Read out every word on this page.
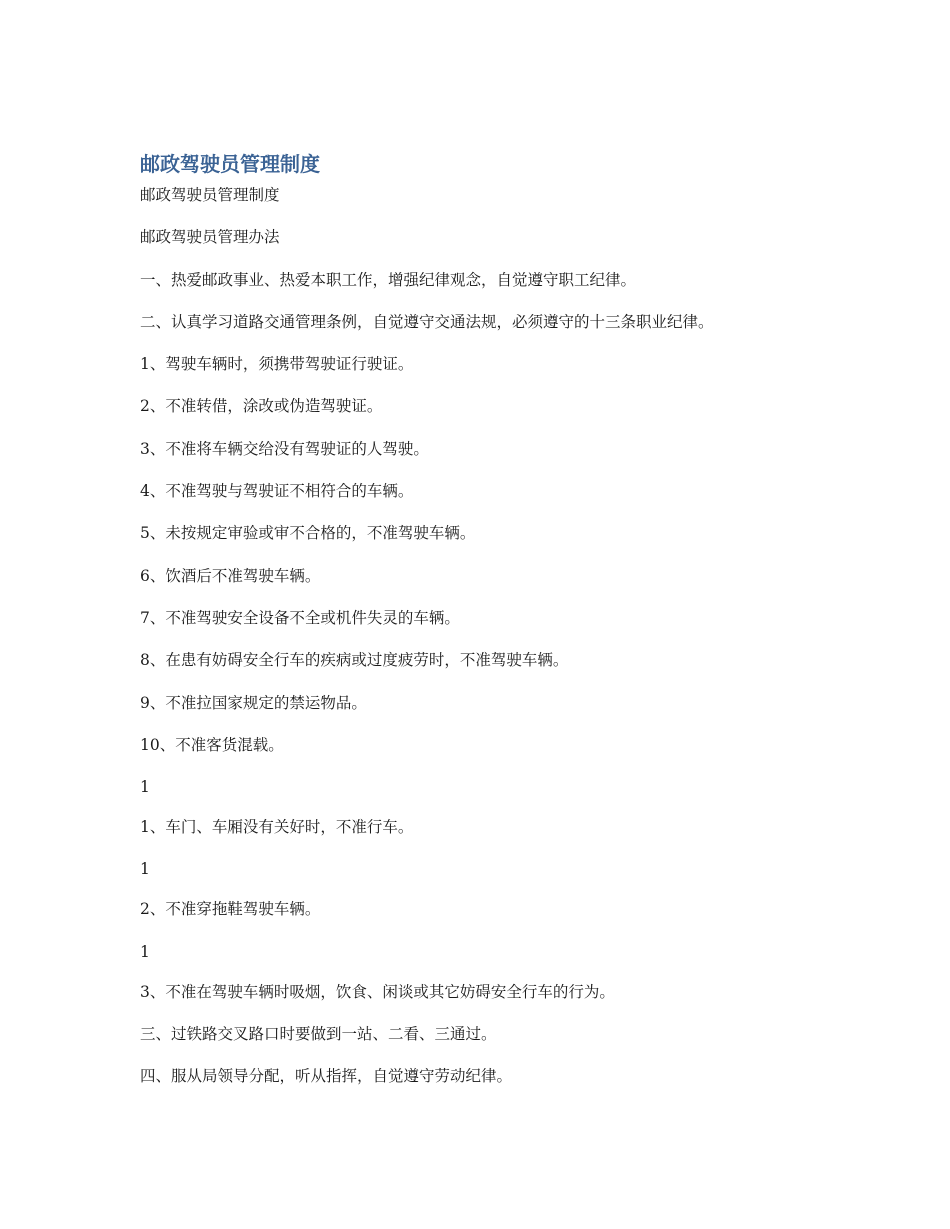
邮政驾驶员管理制度

邮政驾驶员管理制度

邮政驾驶员管理办法

一、热爱邮政事业、热爱本职工作，增强纪律观念，自觉遵守职工纪律。

二、认真学习道路交通管理条例，自觉遵守交通法规，必须遵守的十三条职业纪律。

1、驾驶车辆时，须携带驾驶证行驶证。

2、不准转借，涂改或伪造驾驶证。

3、不准将车辆交给没有驾驶证的人驾驶。

4、不准驾驶与驾驶证不相符合的车辆。

5、未按规定审验或审不合格的，不准驾驶车辆。

6、饮酒后不准驾驶车辆。

7、不准驾驶安全设备不全或机件失灵的车辆。

8、在患有妨碍安全行车的疾病或过度疲劳时，不准驾驶车辆。

9、不准拉国家规定的禁运物品。

10、不准客货混载。

1

1、车门、车厢没有关好时，不准行车。

1

2、不准穿拖鞋驾驶车辆。

1

3、不准在驾驶车辆时吸烟，饮食、闲谈或其它妨碍安全行车的行为。

三、过铁路交叉路口时要做到一站、二看、三通过。

四、服从局领导分配，听从指挥，自觉遵守劳动纪律。
